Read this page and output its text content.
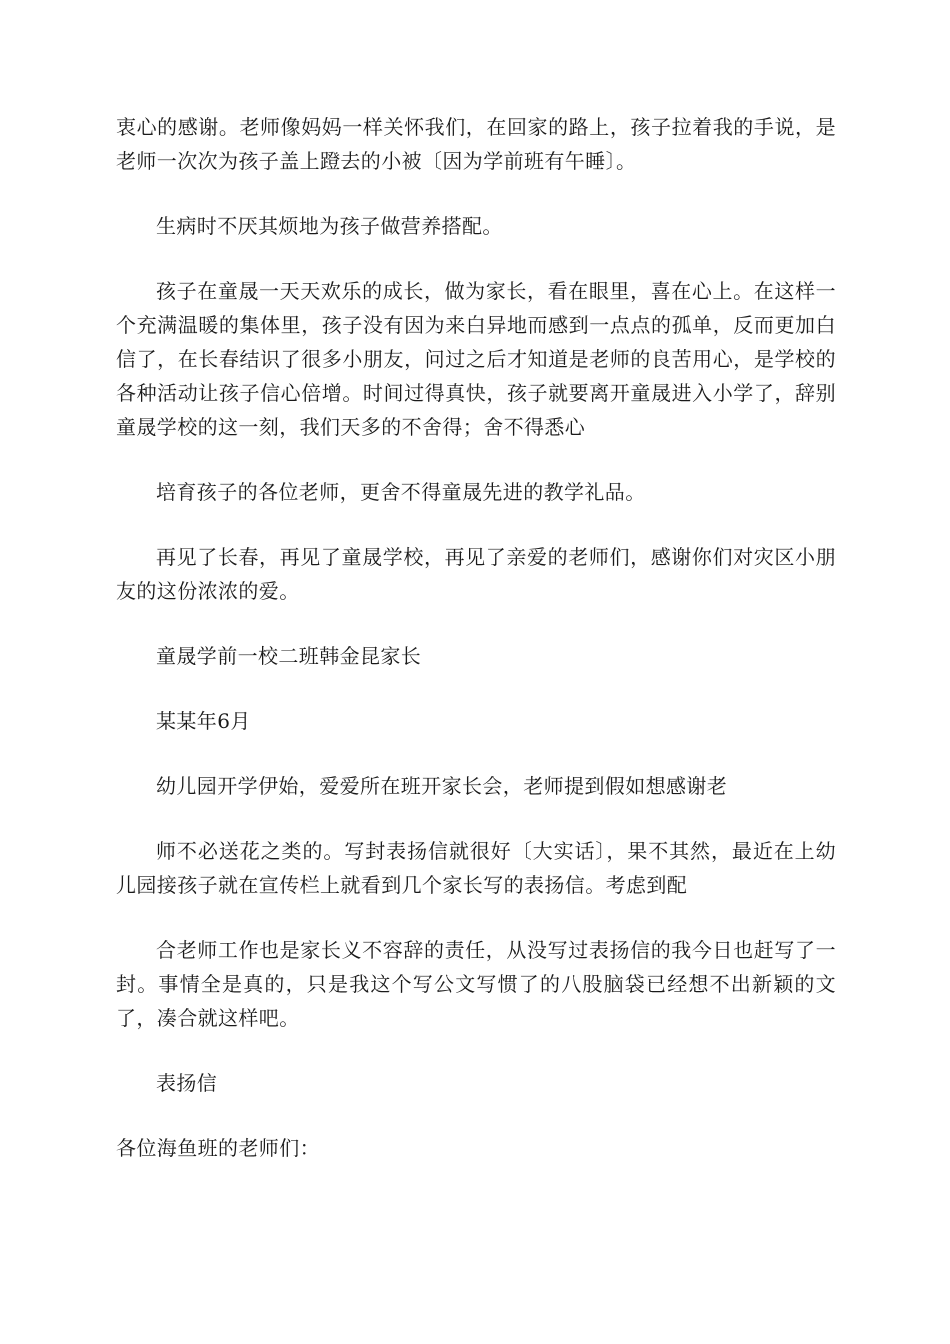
衷心的感谢。老师像妈妈一样关怀我们，在回家的路上，孩子拉着我的手说，是老师一次次为孩子盖上蹬去的小被〔因为学前班有午睡〕。

生病时不厌其烦地为孩子做营养搭配。

孩子在童晟一天天欢乐的成长，做为家长，看在眼里，喜在心上。在这样一个充满温暖的集体里，孩子没有因为来白异地而感到一点点的孤单，反而更加白信了，在长春结识了很多小朋友，问过之后才知道是老师的良苦用心，是学校的各种活动让孩子信心倍增。时间过得真快，孩子就要离开童晟进入小学了，辞别童晟学校的这一刻，我们天多的不舍得；舍不得悉心

培育孩子的各位老师，更舍不得童晟先进的教学礼品。

再见了长春，再见了童晟学校，再见了亲爱的老师们，感谢你们对灾区小朋友的这份浓浓的爱。

童晟学前一校二班韩金昆家长

某某年6月

幼儿园开学伊始，爱爱所在班开家长会，老师提到假如想感谢老

师不必送花之类的。写封表扬信就很好〔大实话〕，果不其然，最近在上幼儿园接孩子就在宣传栏上就看到几个家长写的表扬信。考虑到配

合老师工作也是家长义不容辞的责任，从没写过表扬信的我今日也赶写了一封。事情全是真的，只是我这个写公文写惯了的八股脑袋已经想不出新颖的文了，凑合就这样吧。

表扬信

各位海鱼班的老师们：
